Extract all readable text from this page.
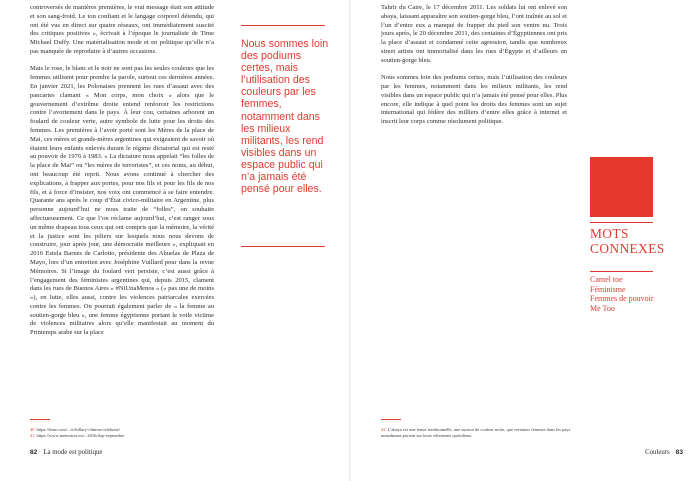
controversés de manières premières, le vrai message était son attitude et son sang-froid. Le ton confiant et le langage corporel détendu, qui ont été vus en direct sur quatre réseaux, ont immédiatement suscité des critiques positives », écrivait à l’époque le journaliste de Time Michael Duffy. Une matérialisation mode et en politique qu’elle n’a pas manquée de reproduire à d’autres occasions.

Mais le rose, le blanc et le noir ne sont pas les seules couleurs que les femmes utilisent pour prendre la parole, surtout ces dernières années. En janvier 2021, les Polonaises prennent les rues d’assaut avec des pancartes clamant « Mon corps, mon choix » alors que le gouvernement d’extrême droite entend renforcer les restrictions contre l’avortement dans le pays. À leur cou, certaines arborent un foulard de couleur verte, autre symbole de lutte pour les droits des femmes. Les premières à l’avoir porté sont les Mères de la place de Mai, ces mères et grands-mères argentines qui exigeaient de savoir où étaient leurs enfants enlevés durant le régime dictatorial qui est resté au pouvoir de 1976 à 1983. « La dictature nous appelait “les folles de la place de Mai” ou “les mères de terroristes”, et ces noms, au début, ont beaucoup été reprit. Nous avons continué à chercher des explications, à frapper aux portes, pour nos fils et pour les fils de nos fils, et à force d’insister, nos voix ont commencé à se faire entendre. Quarante ans après le coup d’État civico-militaire en Argentine, plus personne aujourd’hui ne nous traite de “folles”, on souhaite affectueusement. Ce que l’on réclame aujourd’hui, c’est ranger sous un même drapeau tous ceux qui ont compris que la mémoire, la vérité et la justice sont les piliers sur lesquels nous nous devons de construire, jour après jour, une démocratie meilleure », expliquait en 2016 Estela Barnes de Carlotto, présidente des Abuelas de Plaza de Mayo, lors d’un entretien avec Joséphine Vuillard pour dans la revue Mémoires. Si l’image du foulard vert persiste, c’est aussi grâce à l’engagement des féministes argentines qui, depuis 2015, clament dans les rues de Buenos Aires « #NiUnaMenos » (« pas une de moins »), en lutte, elles aussi, contre les violences patriarcales exercées contre les femmes. On pourrait également parler de « la femme au soutien-gorge bleu », une femme égyptienne portant le voile victime de violences militaires alors qu’elle manifestait au moment du Printemps arabe sur la place

Nous sommes loin des podiums certes, mais l’utilisation des couleurs par les femmes, notamment dans les milieux militants, les rend visibles dans un espace public qui n’a jamais été pensé pour elles.

Tahrir du Caire, le 17 décembre 2011. Les soldats lui ont enlevé son abaya, laissant apparaître son soutien-gorge bleu, l’ont traînée au sol et l’un d’entre eux a manqué de frapper du pied son ventre nu. Trois jours après, le 20 décembre 2011, des centaines d’Égyptiennes ont pris la place d’assaut et condamné cette agression, tandis que nombreux street artists ont immortalisé dans les rues d’Égypte et d’ailleurs un soutien-gorge bleu.

Nous sommes loin des podiums certes, mais l’utilisation des couleurs par les femmes, notamment dans les milieux militants, les rend visibles dans un espace public qui n’a jamais été pensé pour elles. Plus encore, elle indique à quel point les droits des femmes sont un sujet international qui fédère des milliers d’entre elles grâce à internet et inscrit leur corps comme résolument politique.

MOTS
CONNEXES
Camel toe
Féminisme
Femmes de pouvoir
Me Too
40 https://time.com/...tv/hillary-clinton-celebrate/
41 https://www.memoires.eu/...2016/dop-septembre
42 L’abaya est une tenue traditionnelle, une surtout de couleur noire, que certaines femmes dans les pays musulmans portent sur leurs vêtements quotidiens.
82 La mode est politique	Couleurs 83
